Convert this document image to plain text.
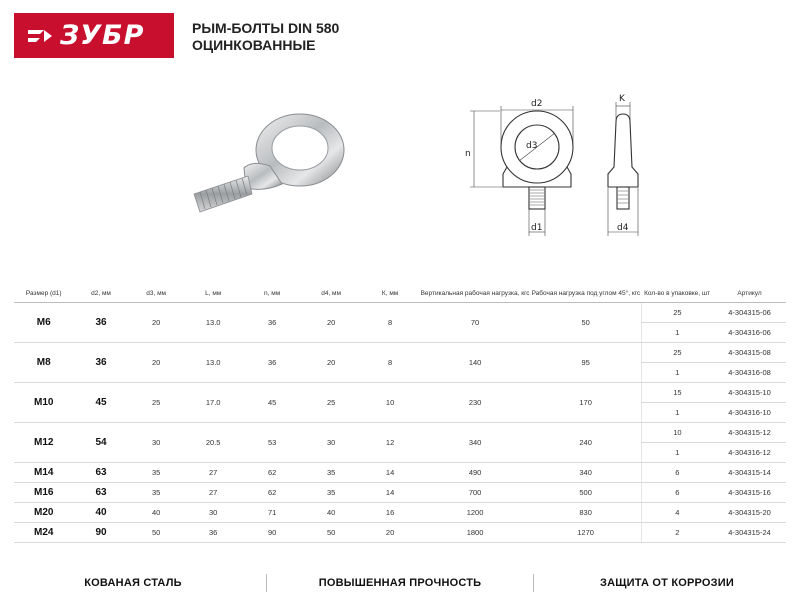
ЗУБР	РЫМ-БОЛТЫ DIN 580
ОЦИНКОВАННЫЕ
d2
d3
n
d1
K
d4
Размер (d1)	d2, мм	d3, мм	L, мм	n, мм	d4, мм	К, мм	Вертикальная рабочая нагрузка, кгс	Рабочая нагрузка под углом 45°, кгс	Кол-во в упаковке, шт	Артикул
М6	36	20	13.0	36	20	8	70	50	25	4-304315-06
									1	4-304316-06
М8	36	20	13.0	36	20	8	140	95	25	4-304315-08
									1	4-304316-08
М10	45	25	17.0	45	25	10	230	170	15	4-304315-10
									1	4-304316-10
М12	54	30	20.5	53	30	12	340	240	10	4-304315-12
									1	4-304316-12
М14	63	35	27	62	35	14	490	340	6	4-304315-14
М16	63	35	27	62	35	14	700	500	6	4-304315-16
М20	40	40	30	71	40	16	1200	830	4	4-304315-20
М24	90	50	36	90	50	20	1800	1270	2	4-304315-24
КОВАНАЯ СТАЛЬ	ПОВЫШЕННАЯ ПРОЧНОСТЬ	ЗАЩИТА ОТ КОРРОЗИИ
